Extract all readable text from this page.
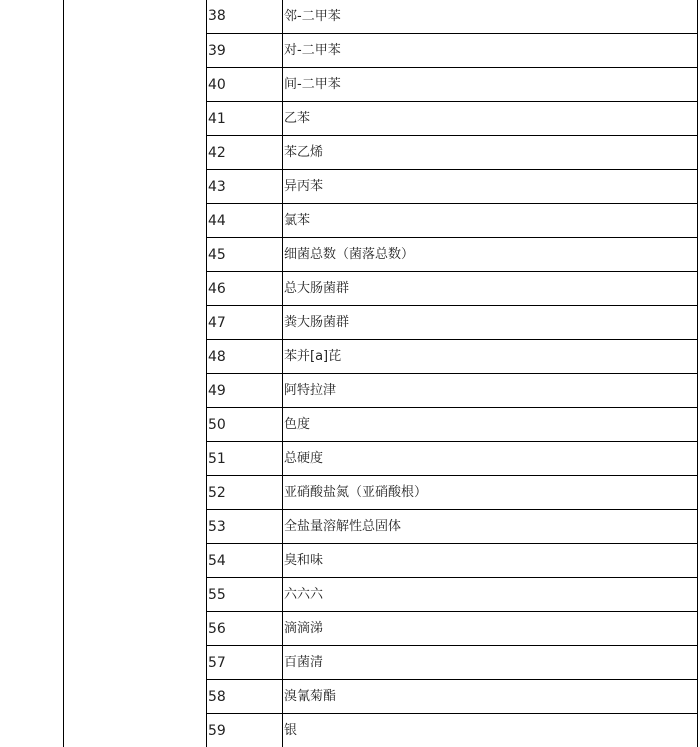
38	邻-二甲苯
39	对-二甲苯
40	间-二甲苯
41	乙苯
42	苯乙烯
43	异丙苯
44	氯苯
45	细菌总数（菌落总数）
46	总大肠菌群
47	粪大肠菌群
48	苯并[a]芘
49	阿特拉津
50	色度
51	总硬度
52	亚硝酸盐氮（亚硝酸根）
53	全盐量溶解性总固体
54	臭和味
55	六六六
56	滴滴涕
57	百菌清
58	溴氰菊酯
59	银
